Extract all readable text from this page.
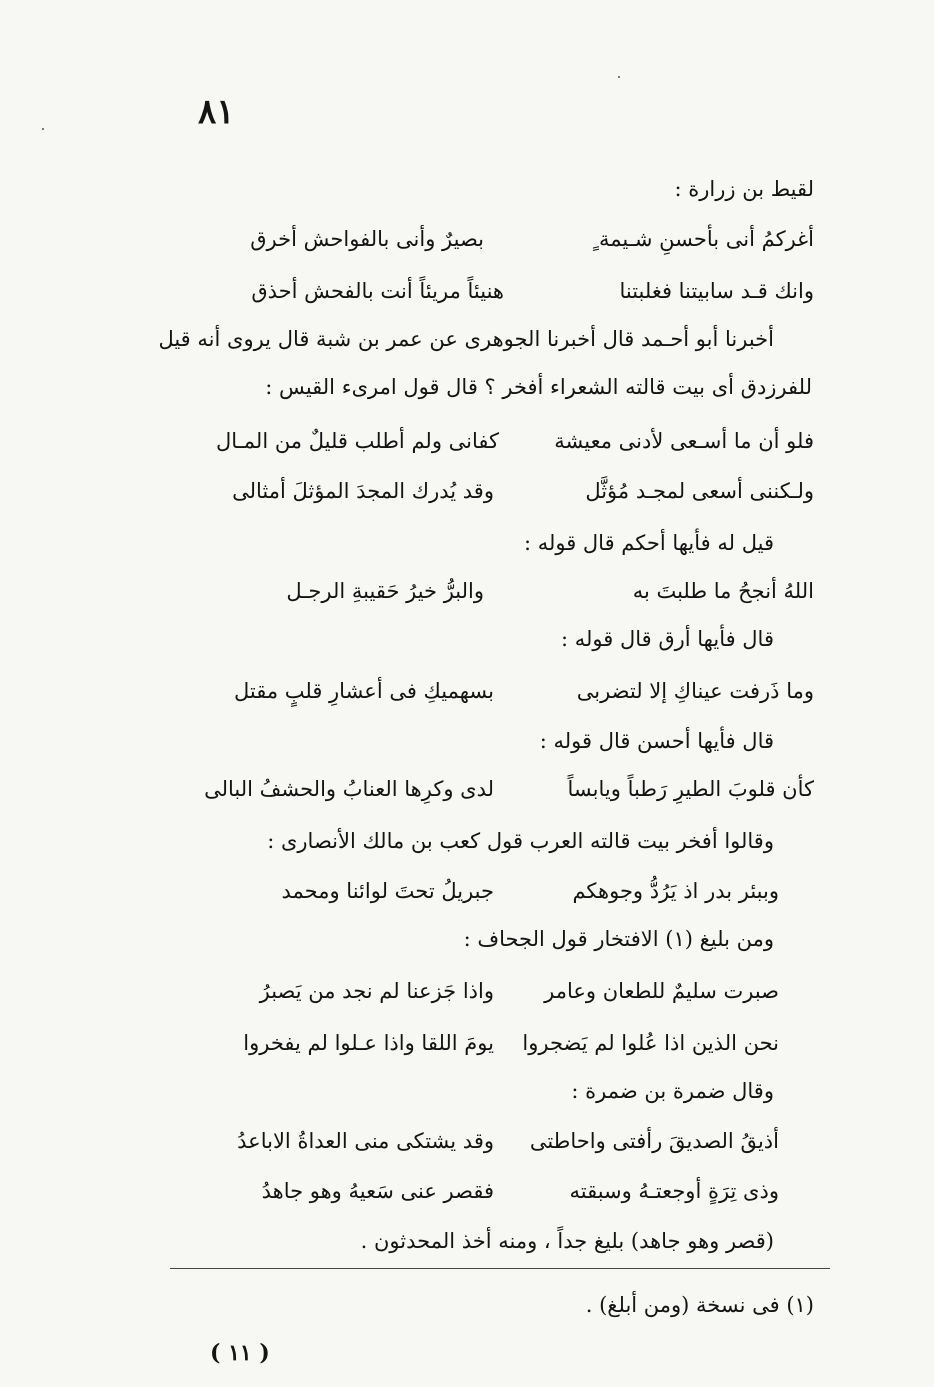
٨١
لقيط بن زرارة :
أغركمُ أنى بأحسنِ شـيمة ٍ
بصيرٌ وأنى بالفواحش أخرق
وانك قـد سابيتنا فغلبتنا
هنيئاً مريئاً أنت بالفحش أحذق
أخبرنا أبو أحـمد قال أخبرنا الجوهرى عن عمر بن شبة قال يروى أنه قيل
للفرزدق أى بيت قالته الشعراء أفخر ؟ قال قول امرىء القيس :
فلو أن ما أسـعى لأدنى معيشة
كفانى ولم أطلب قليلٌ من المـال
ولـكننى أسعى لمجـد مُؤثَّل
وقد يُدرك المجدَ المؤثلَ أمثالى
قيل له فأيها أحكم قال قوله :
اللهُ أنجحُ ما طلبتَ به
والبرُّ خيرُ حَقيبةِ الرجـل
قال فأيها أرق قال قوله :
وما ذَرفت عيناكِ إلا لتضربى
بسهميكِ فى أعشارِ قلبٍ مقتل
قال فأيها أحسن قال قوله :
كأن قلوبَ الطيرِ رَطباً ويابساً
لدى وكرِها العنابُ والحشفُ البالى
وقالوا أفخر بيت قالته العرب قول كعب بن مالك الأنصارى :
وببئر بدر اذ يَرُدُّ وجوهكم
جبريلُ تحتَ لوائنا ومحمد
ومن بليغ (١) الافتخار قول الجحاف :
صبرت سليمٌ للطعان وعامر
واذا جَزعنا لم نجد من يَصبرُ
نحن الذين اذا عُلوا لم يَضجروا
يومَ اللقا واذا عـلوا لم يفخروا
وقال ضمرة بن ضمرة :
أذيقُ الصديقَ رأفتى واحاطتى
وقد يشتكى منى العداةُ الاباعدُ
وذى تِرَةٍ أوجعتـهُ وسبقته
فقصر عنى سَعيهُ وهو جاهدُ
(قصر وهو جاهد) بليغ جداً ، ومنه أخذ المحدثون .
(١) فى نسخة (ومن أبلغ) .
( ١١ )
